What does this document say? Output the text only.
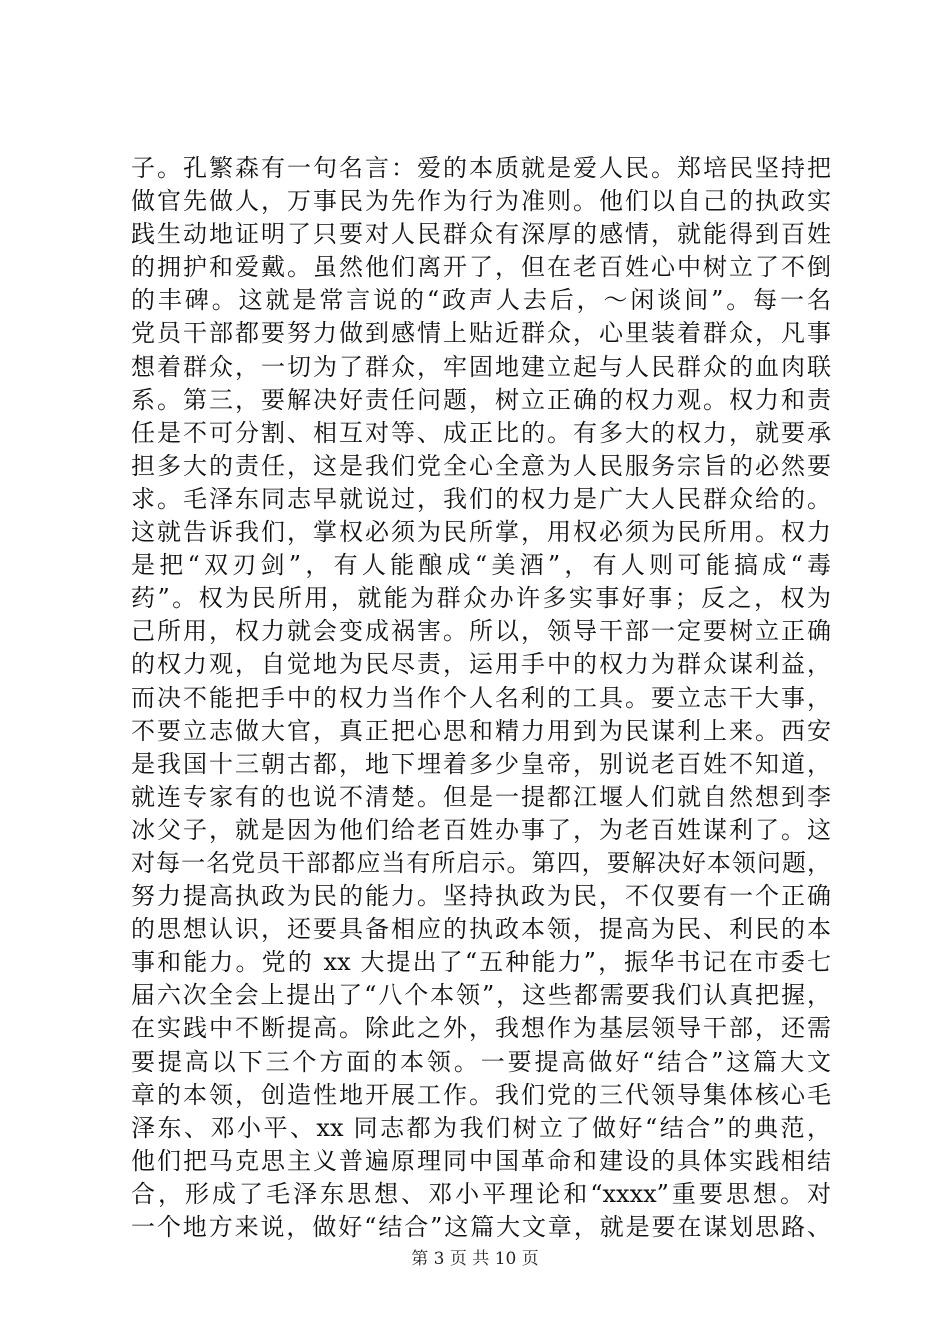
子。孔繁森有一句名言：爱的本质就是爱人民。郑培民坚持把
做官先做人，万事民为先作为行为准则。他们以自己的执政实
践生动地证明了只要对人民群众有深厚的感情，就能得到百姓
的拥护和爱戴。虽然他们离开了，但在老百姓心中树立了不倒
的丰碑。这就是常言说的“政声人去后，～闲谈间”。每一名
党员干部都要努力做到感情上贴近群众，心里装着群众，凡事
想着群众，一切为了群众，牢固地建立起与人民群众的血肉联
系。第三，要解决好责任问题，树立正确的权力观。权力和责
任是不可分割、相互对等、成正比的。有多大的权力，就要承
担多大的责任，这是我们党全心全意为人民服务宗旨的必然要
求。毛泽东同志早就说过，我们的权力是广大人民群众给的。
这就告诉我们，掌权必须为民所掌，用权必须为民所用。权力
是把“双刃剑”，有人能酿成“美酒”，有人则可能搞成“毒
药”。权为民所用，就能为群众办许多实事好事；反之，权为
己所用，权力就会变成祸害。所以，领导干部一定要树立正确
的权力观，自觉地为民尽责，运用手中的权力为群众谋利益，
而决不能把手中的权力当作个人名利的工具。要立志干大事，
不要立志做大官，真正把心思和精力用到为民谋利上来。西安
是我国十三朝古都，地下埋着多少皇帝，别说老百姓不知道，
就连专家有的也说不清楚。但是一提都江堰人们就自然想到李
冰父子，就是因为他们给老百姓办事了，为老百姓谋利了。这
对每一名党员干部都应当有所启示。第四，要解决好本领问题，
努力提高执政为民的能力。坚持执政为民，不仅要有一个正确
的思想认识，还要具备相应的执政本领，提高为民、利民的本
事和能力。党的 xx 大提出了“五种能力”，振华书记在市委七
届六次全会上提出了“八个本领”，这些都需要我们认真把握，
在实践中不断提高。除此之外，我想作为基层领导干部，还需
要提高以下三个方面的本领。一要提高做好“结合”这篇大文
章的本领，创造性地开展工作。我们党的三代领导集体核心毛
泽东、邓小平、xx 同志都为我们树立了做好“结合”的典范，
他们把马克思主义普遍原理同中国革命和建设的具体实践相结
合，形成了毛泽东思想、邓小平理论和“xxxx”重要思想。对
一个地方来说，做好“结合”这篇大文章，就是要在谋划思路、
第 3 页 共 10 页
